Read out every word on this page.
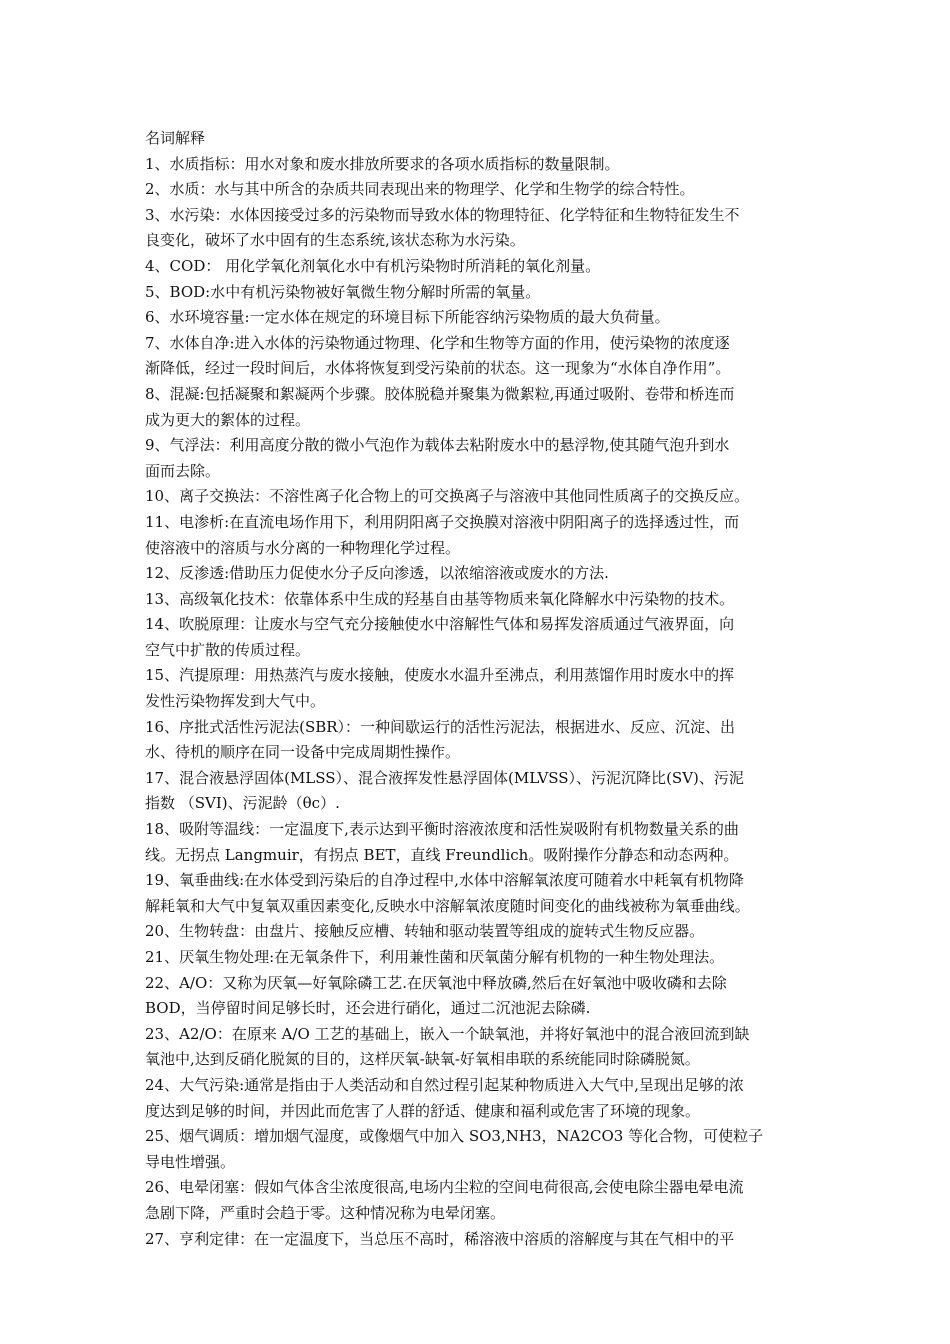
名词解释
1、水质指标：用水对象和废水排放所要求的各项水质指标的数量限制。
2、水质：水与其中所含的杂质共同表现出来的物理学、化学和生物学的综合特性。
3、水污染：水体因接受过多的污染物而导致水体的物理特征、化学特征和生物特征发生不
良变化，破坏了水中固有的生态系统,该状态称为水污染。
4、COD： 用化学氧化剂氧化水中有机污染物时所消耗的氧化剂量。
5、BOD:水中有机污染物被好氧微生物分解时所需的氧量。
6、水环境容量:一定水体在规定的环境目标下所能容纳污染物质的最大负荷量。
7、水体自净:进入水体的污染物通过物理、化学和生物等方面的作用，使污染物的浓度逐
渐降低，经过一段时间后，水体将恢复到受污染前的状态。这一现象为“水体自净作用”。
8、混凝:包括凝聚和絮凝两个步骤。胶体脱稳并聚集为微絮粒,再通过吸附、卷带和桥连而
成为更大的絮体的过程。
9、气浮法：利用高度分散的微小气泡作为载体去粘附废水中的悬浮物,使其随气泡升到水
面而去除。
10、离子交换法：不溶性离子化合物上的可交换离子与溶液中其他同性质离子的交换反应。
11、电渗析:在直流电场作用下，利用阴阳离子交换膜对溶液中阴阳离子的选择透过性，而
使溶液中的溶质与水分离的一种物理化学过程。
12、反渗透:借助压力促使水分子反向渗透，以浓缩溶液或废水的方法.
13、高级氧化技术：依靠体系中生成的羟基自由基等物质来氧化降解水中污染物的技术。
14、吹脱原理：让废水与空气充分接触使水中溶解性气体和易挥发溶质通过气液界面，向
空气中扩散的传质过程。
15、汽提原理：用热蒸汽与废水接触，使废水水温升至沸点，利用蒸馏作用时废水中的挥
发性污染物挥发到大气中。
16、序批式活性污泥法(SBR）：一种间歇运行的活性污泥法，根据进水、反应、沉淀、出
水、待机的顺序在同一设备中完成周期性操作。
17、混合液悬浮固体(MLSS）、混合液挥发性悬浮固体(MLVSS）、污泥沉降比(SV)、污泥
指数 （SVI)、污泥龄（θc）.
18、吸附等温线：一定温度下,表示达到平衡时溶液浓度和活性炭吸附有机物数量关系的曲
线。无拐点 Langmuir，有拐点 BET，直线 Freundlich。吸附操作分静态和动态两种。
19、氧垂曲线:在水体受到污染后的自净过程中,水体中溶解氧浓度可随着水中耗氧有机物降
解耗氧和大气中复氧双重因素变化,反映水中溶解氧浓度随时间变化的曲线被称为氧垂曲线。
20、生物转盘：由盘片、接触反应槽、转轴和驱动装置等组成的旋转式生物反应器。
21、厌氧生物处理:在无氧条件下，利用兼性菌和厌氧菌分解有机物的一种生物处理法。
22、A/O：又称为厌氧—好氧除磷工艺.在厌氧池中释放磷,然后在好氧池中吸收磷和去除
BOD，当停留时间足够长时，还会进行硝化，通过二沉池泥去除磷.
23、A2/O：在原来 A/O 工艺的基础上，嵌入一个缺氧池，并将好氧池中的混合液回流到缺
氧池中,达到反硝化脱氮的目的，这样厌氧-缺氧-好氧相串联的系统能同时除磷脱氮。
24、大气污染:通常是指由于人类活动和自然过程引起某种物质进入大气中,呈现出足够的浓
度达到足够的时间，并因此而危害了人群的舒适、健康和福利或危害了环境的现象。
25、烟气调质：增加烟气湿度，或像烟气中加入 SO3,NH3，NA2CO3 等化合物，可使粒子
导电性增强。
26、电晕闭塞：假如气体含尘浓度很高,电场内尘粒的空间电荷很高,会使电除尘器电晕电流
急剧下降，严重时会趋于零。这种情况称为电晕闭塞。
27、亨利定律：在一定温度下，当总压不高时，稀溶液中溶质的溶解度与其在气相中的平
